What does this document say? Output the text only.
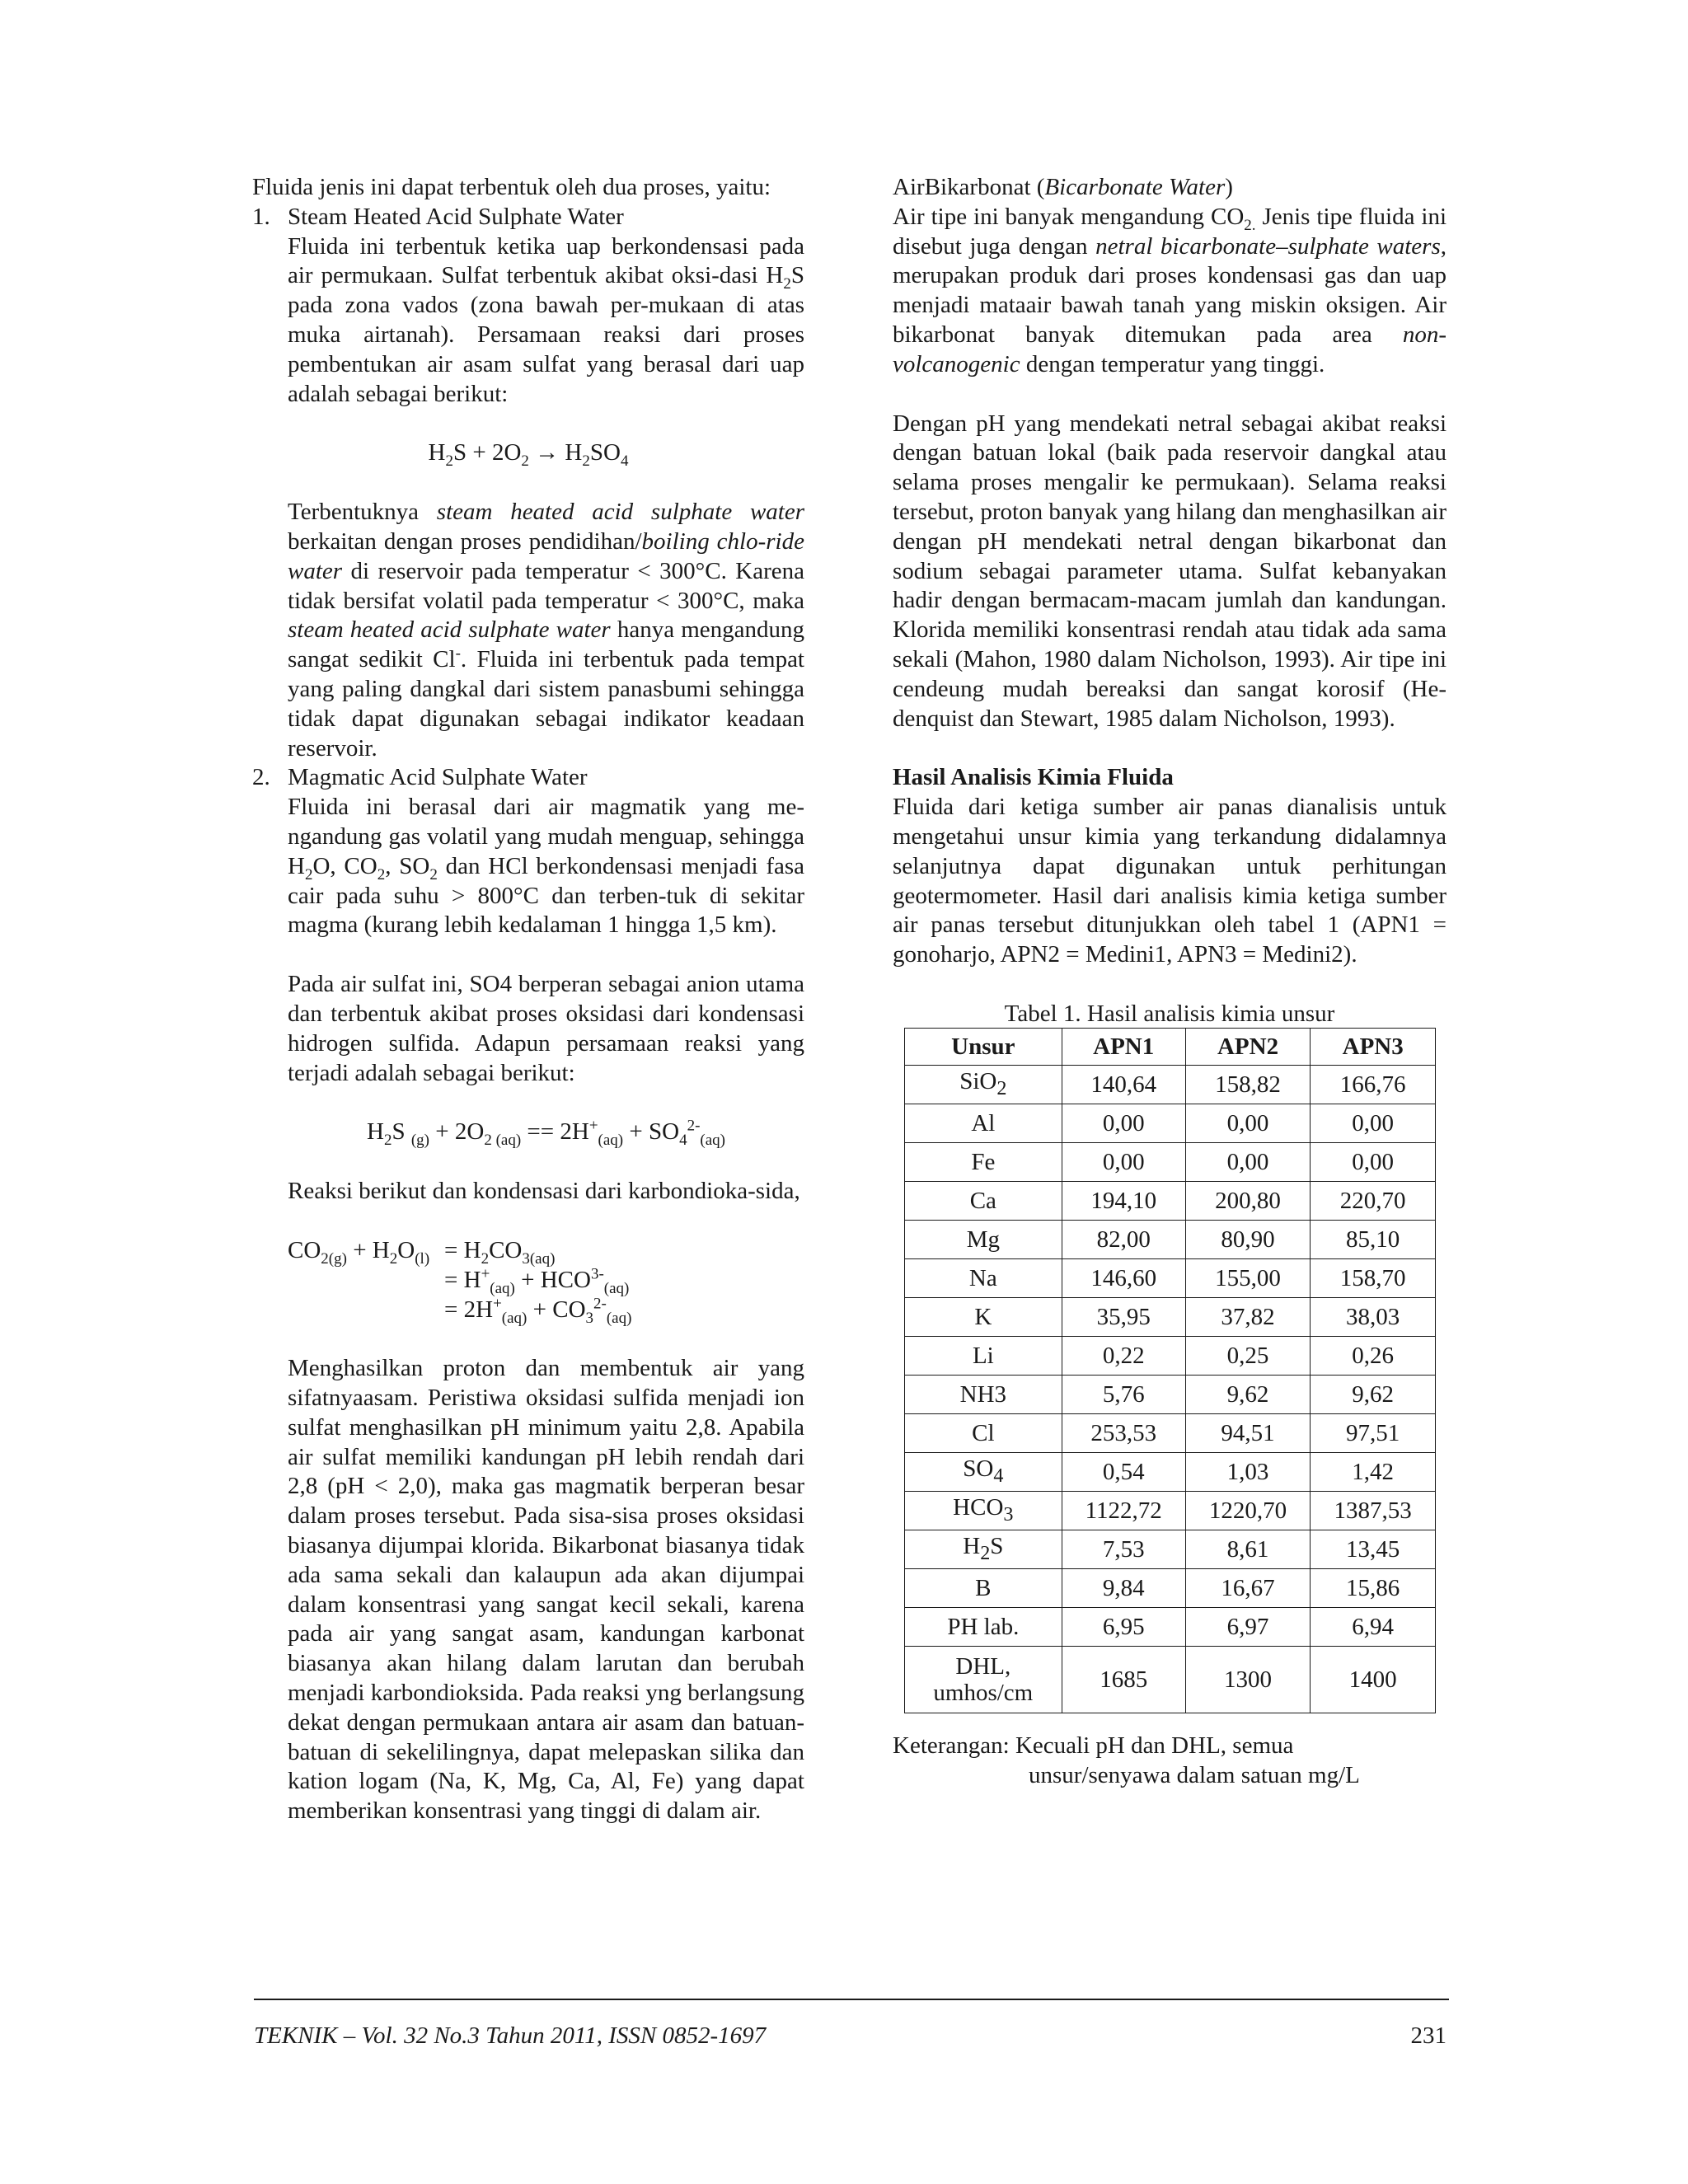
Fluida jenis ini dapat terbentuk oleh dua proses, yaitu:

1. Steam Heated Acid Sulphate Water

Fluida ini terbentuk ketika uap berkondensasi pada air permukaan. Sulfat terbentuk akibat oksi-dasi $H_2S$ pada zona vados (zona bawah per-mukaan di atas muka airtanah). Persamaan reaksi dari proses pembentukan air asam sulfat yang berasal dari uap adalah sebagai berikut:

$H_2S + 2O_2 \to H_2SO_4$

Terbentuknya steam heated acid sulphate water berkaitan dengan proses pendidihan/boiling chlo-ride water di reservoir pada temperatur < 300°C. Karena tidak bersifat volatil pada temperatur < 300°C, maka steam heated acid sulphate water hanya mengandung sangat sedikit Cl-. Fluida ini terbentuk pada tempat yang paling dangkal dari sistem panasbumi sehingga tidak dapat digunakan sebagai indikator keadaan reservoir.

2. Magmatic Acid Sulphate Water

Fluida ini berasal dari air magmatik yang me-ngandung gas volatil yang mudah menguap, sehingga $H_2O$, $CO_2$, $SO_2$ dan HCl berkondensasi menjadi fasa cair pada suhu > 800°C dan terben-tuk di sekitar magma (kurang lebih kedalaman 1 hingga 1,5 km).

Pada air sulfat ini, SO4 berperan sebagai anion utama dan terbentuk akibat proses oksidasi dari kondensasi hidrogen sulfida. Adapun persamaan reaksi yang terjadi adalah sebagai berikut:

$H_2S$ $_{(g)} + 2O_{2 (aq)} == 2H^+_{(aq)} + SO_4^{2-}_{(aq)}$

Reaksi berikut dan kondensasi dari karbondioka-sida,

$CO_{2(g)} + H_2O_{(l)} = H_2CO_{3(aq)}$
= $H^+_{(aq)} + HCO^{3-}_{(aq)}$
= $2H^+_{(aq)} + CO_3^{2-}_{(aq)}$

Menghasilkan proton dan membentuk air yang sifatnyaasam. Peristiwa oksidasi sulfida menjadi ion sulfat menghasilkan pH minimum yaitu 2,8. Apabila air sulfat memiliki kandungan pH lebih rendah dari 2,8 (pH < 2,0), maka gas magmatik berperan besar dalam proses tersebut. Pada sisa-sisa proses oksidasi biasanya dijumpai klorida. Bikarbonat biasanya tidak ada sama sekali dan kalaupun ada akan dijumpai dalam konsentrasi yang sangat kecil sekali, karena pada air yang sangat asam, kandungan karbonat biasanya akan hilang dalam larutan dan berubah menjadi karbondioksida. Pada reaksi yng berlangsung dekat dengan permukaan antara air asam dan batuan-batuan di sekelilingnya, dapat melepaskan silika dan kation logam (Na, K, Mg, Ca, Al, Fe) yang dapat memberikan konsentrasi yang tinggi di dalam air.

AirBikarbonat (Bicarbonate Water)

Air tipe ini banyak mengandung $CO_{2.}$ Jenis tipe fluida ini disebut juga dengan netral bicarbonate–sulphate waters, merupakan produk dari proses kondensasi gas dan uap menjadi mataair bawah tanah yang miskin oksigen. Air bikarbonat banyak ditemukan pada area non-volcanogenic dengan temperatur yang tinggi.

Dengan pH yang mendekati netral sebagai akibat reaksi dengan batuan lokal (baik pada reservoir dangkal atau selama proses mengalir ke permukaan). Selama reaksi tersebut, proton banyak yang hilang dan menghasilkan air dengan pH mendekati netral dengan bikarbonat dan sodium sebagai parameter utama. Sulfat kebanyakan hadir dengan bermacam-macam jumlah dan kandungan. Klorida memiliki konsentrasi rendah atau tidak ada sama sekali (Mahon, 1980 dalam Nicholson, 1993). Air tipe ini cendeung mudah bereaksi dan sangat korosif (He-denquist dan Stewart, 1985 dalam Nicholson, 1993).

Hasil Analisis Kimia Fluida

Fluida dari ketiga sumber air panas dianalisis untuk mengetahui unsur kimia yang terkandung didalamnya selanjutnya dapat digunakan untuk perhitungan geotermometer. Hasil dari analisis kimia ketiga sumber air panas tersebut ditunjukkan oleh tabel 1 (APN1 = gonoharjo, APN2 = Medini1, APN3 = Medini2).

Tabel 1. Hasil analisis kimia unsur

Unsur	APN1	APN2	APN3
SiO$_2$	140,64	158,82	166,76
Al	0,00	0,00	0,00
Fe	0,00	0,00	0,00
Ca	194,10	200,80	220,70
Mg	82,00	80,90	85,10
Na	146,60	155,00	158,70
K	35,95	37,82	38,03
Li	0,22	0,25	0,26
NH3	5,76	9,62	9,62
Cl	253,53	94,51	97,51
$SO_4$	0,54	1,03	1,42
$HCO_3$	1122,72	1220,70	1387,53
$H_2S$	7,53	8,61	13,45
B	9,84	16,67	15,86
PH lab.	6,95	6,97	6,94

DHL,
umhos/cm	1685	1300	1400
Keterangan: Kecuali pH dan DHL, semua
unsur/senyawa dalam satuan mg/L
TEKNIK – Vol. 32 No.3 Tahun 2011, ISSN 0852-1697	231
